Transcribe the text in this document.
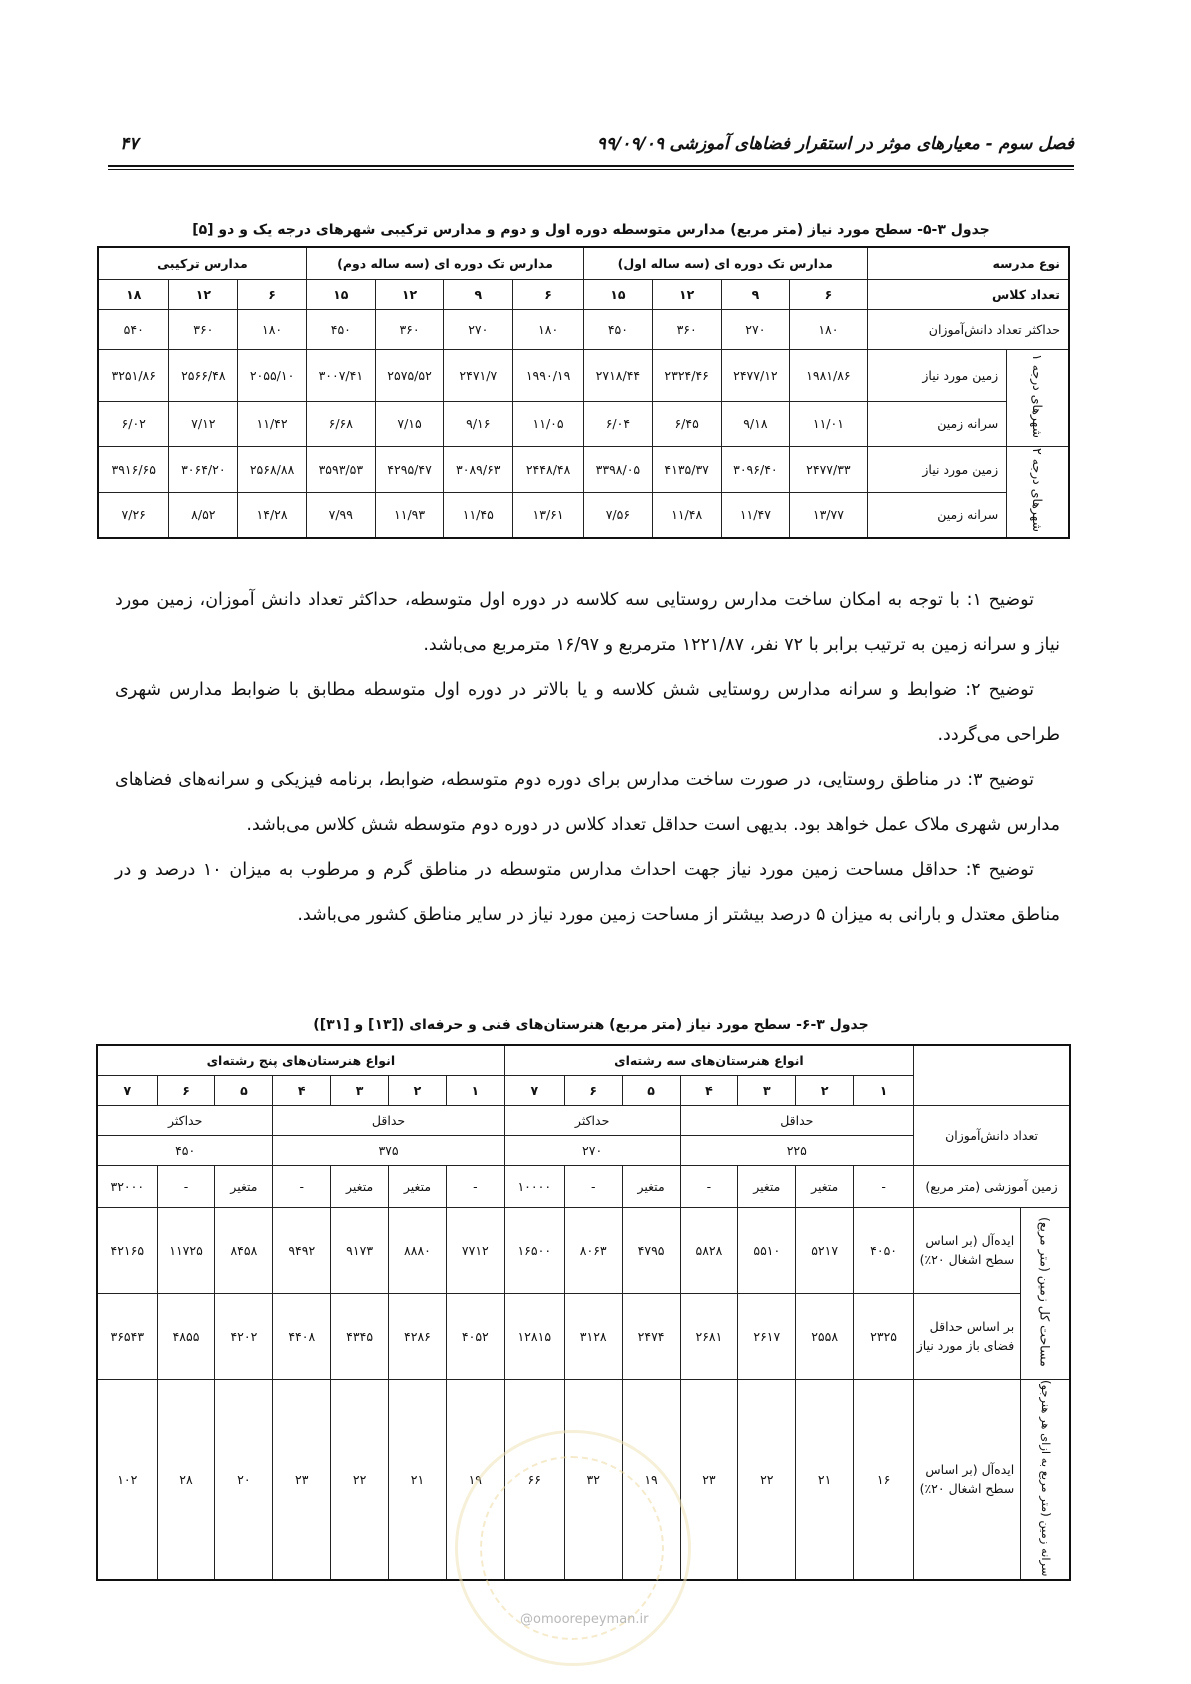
فصل سوم - معیارهای موثر در استقرار فضاهای آموزشی
۹۹/۰۹/۰۹
۴۷
جدول ۳-۵- سطح مورد نیاز (متر مربع) مدارس متوسطه دوره اول و دوم و مدارس ترکیبی شهرهای درجه یک و دو [۵]
نوع مدرسه		مدارس تک دوره ای (سه ساله اول)				مدارس تک دوره ای (سه ساله دوم)				مدارس ترکیبی		
تعداد کلاس		۶	۹	۱۲	۱۵	۶	۹	۱۲	۱۵	۶	۱۲	۱۸
حداکثر تعداد دانش‌آموزان		۱۸۰	۲۷۰	۳۶۰	۴۵۰	۱۸۰	۲۷۰	۳۶۰	۴۵۰	۱۸۰	۳۶۰	۵۴۰
شهرهای درجه ۱	زمین مورد نیاز	۱۹۸۱/۸۶	۲۴۷۷/۱۲	۲۳۲۴/۴۶	۲۷۱۸/۴۴	۱۹۹۰/۱۹	۲۴۷۱/۷	۲۵۷۵/۵۲	۳۰۰۷/۴۱	۲۰۵۵/۱۰	۲۵۶۶/۴۸	۳۲۵۱/۸۶
	سرانه زمین	۱۱/۰۱	۹/۱۸	۶/۴۵	۶/۰۴	۱۱/۰۵	۹/۱۶	۷/۱۵	۶/۶۸	۱۱/۴۲	۷/۱۲	۶/۰۲
شهرهای درجه ۲	زمین مورد نیاز	۲۴۷۷/۳۳	۳۰۹۶/۴۰	۴۱۳۵/۳۷	۳۳۹۸/۰۵	۲۴۴۸/۴۸	۳۰۸۹/۶۳	۴۲۹۵/۴۷	۳۵۹۳/۵۳	۲۵۶۸/۸۸	۳۰۶۴/۲۰	۳۹۱۶/۶۵
	سرانه زمین	۱۳/۷۷	۱۱/۴۷	۱۱/۴۸	۷/۵۶	۱۳/۶۱	۱۱/۴۵	۱۱/۹۳	۷/۹۹	۱۴/۲۸	۸/۵۲	۷/۲۶

توضیح ۱: با توجه به امکان ساخت مدارس روستایی سه کلاسه در دوره اول متوسطه، حداکثر تعداد دانش آموزان، زمین مورد نیاز و سرانه زمین به ترتیب برابر با ۷۲ نفر، ۱۲۲۱/۸۷ مترمربع و ۱۶/۹۷ مترمربع می‌باشد.

توضیح ۲: ضوابط و سرانه مدارس روستایی شش کلاسه و یا بالاتر در دوره اول متوسطه مطابق با ضوابط مدارس شهری طراحی می‌گردد.

توضیح ۳: در مناطق روستایی، در صورت ساخت مدارس برای دوره دوم متوسطه، ضوابط، برنامه فیزیکی و سرانه‌های فضاهای مدارس شهری ملاک عمل خواهد بود. بدیهی است حداقل تعداد کلاس در دوره دوم متوسطه شش کلاس می‌باشد.

توضیح ۴: حداقل مساحت زمین مورد نیاز جهت احداث مدارس متوسطه در مناطق گرم و مرطوب به میزان ۱۰ درصد و در مناطق معتدل و بارانی به میزان ۵ درصد بیشتر از مساحت زمین مورد نیاز در سایر مناطق کشور می‌باشد.

جدول ۳-۶- سطح مورد نیاز (متر مربع) هنرستان‌های فنی و حرفه‌ای ([۱۳] و [۳۱])
		انواع هنرستان‌های سه رشته‌ای							انواع هنرستان‌های پنج رشته‌ای						
		۱	۲	۳	۴	۵	۶	۷	۱	۲	۳	۴	۵	۶	۷
تعداد دانش‌آموزان		حداقل				حداکثر			حداقل				حداکثر		
		۲۲۵				۲۷۰			۳۷۵				۴۵۰		
زمین آموزشی (متر مربع)		-	متغیر	متغیر	-	متغیر	-	۱۰۰۰۰	-	متغیر	متغیر	-	متغیر	-	۳۲۰۰۰
مساحت کل زمین (متر مربع)	ایده‌آل (بر اساس سطح اشغال ۲۰٪)	۴۰۵۰	۵۲۱۷	۵۵۱۰	۵۸۲۸	۴۷۹۵	۸۰۶۳	۱۶۵۰۰	۷۷۱۲	۸۸۸۰	۹۱۷۳	۹۴۹۲	۸۴۵۸	۱۱۷۲۵	۴۲۱۶۵
	بر اساس حداقل فضای باز مورد نیاز	۲۳۲۵	۲۵۵۸	۲۶۱۷	۲۶۸۱	۲۴۷۴	۳۱۲۸	۱۲۸۱۵	۴۰۵۲	۴۲۸۶	۴۳۴۵	۴۴۰۸	۴۲۰۲	۴۸۵۵	۳۶۵۴۳
سرانه زمین (متر مربع به ازای هر هنرجو)	ایده‌آل (بر اساس سطح اشغال ۲۰٪)	۱۶	۲۱	۲۲	۲۳	۱۹	۳۲	۶۶	۱۹	۲۱	۲۲	۲۳	۲۰	۲۸	۱۰۲
@omoorepeyman.ir
